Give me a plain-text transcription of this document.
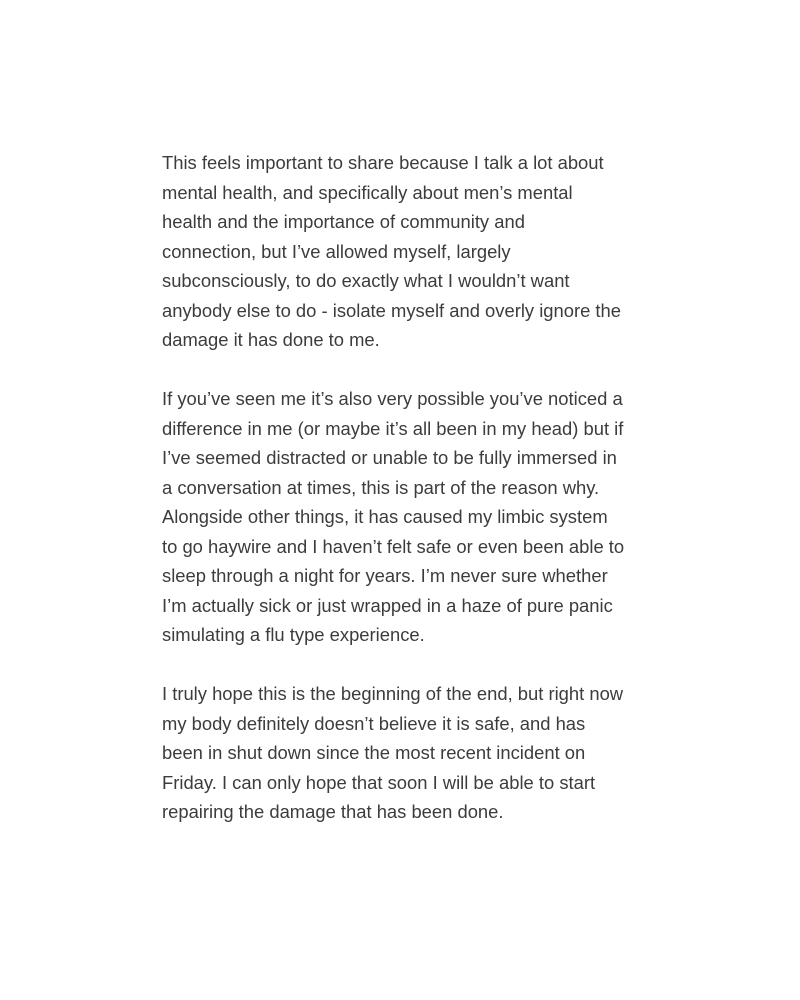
This feels important to share because I talk a lot about
mental health, and specifically about men’s mental
health and the importance of community and
connection, but I’ve allowed myself, largely
subconsciously, to do exactly what I wouldn’t want
anybody else to do - isolate myself and overly ignore the
damage it has done to me.
If you’ve seen me it’s also very possible you’ve noticed a
difference in me (or maybe it’s all been in my head) but if
I’ve seemed distracted or unable to be fully immersed in
a conversation at times, this is part of the reason why.
Alongside other things, it has caused my limbic system
to go haywire and I haven’t felt safe or even been able to
sleep through a night for years. I’m never sure whether
I’m actually sick or just wrapped in a haze of pure panic
simulating a flu type experience.
I truly hope this is the beginning of the end, but right now
my body definitely doesn’t believe it is safe, and has
been in shut down since the most recent incident on
Friday. I can only hope that soon I will be able to start
repairing the damage that has been done.
